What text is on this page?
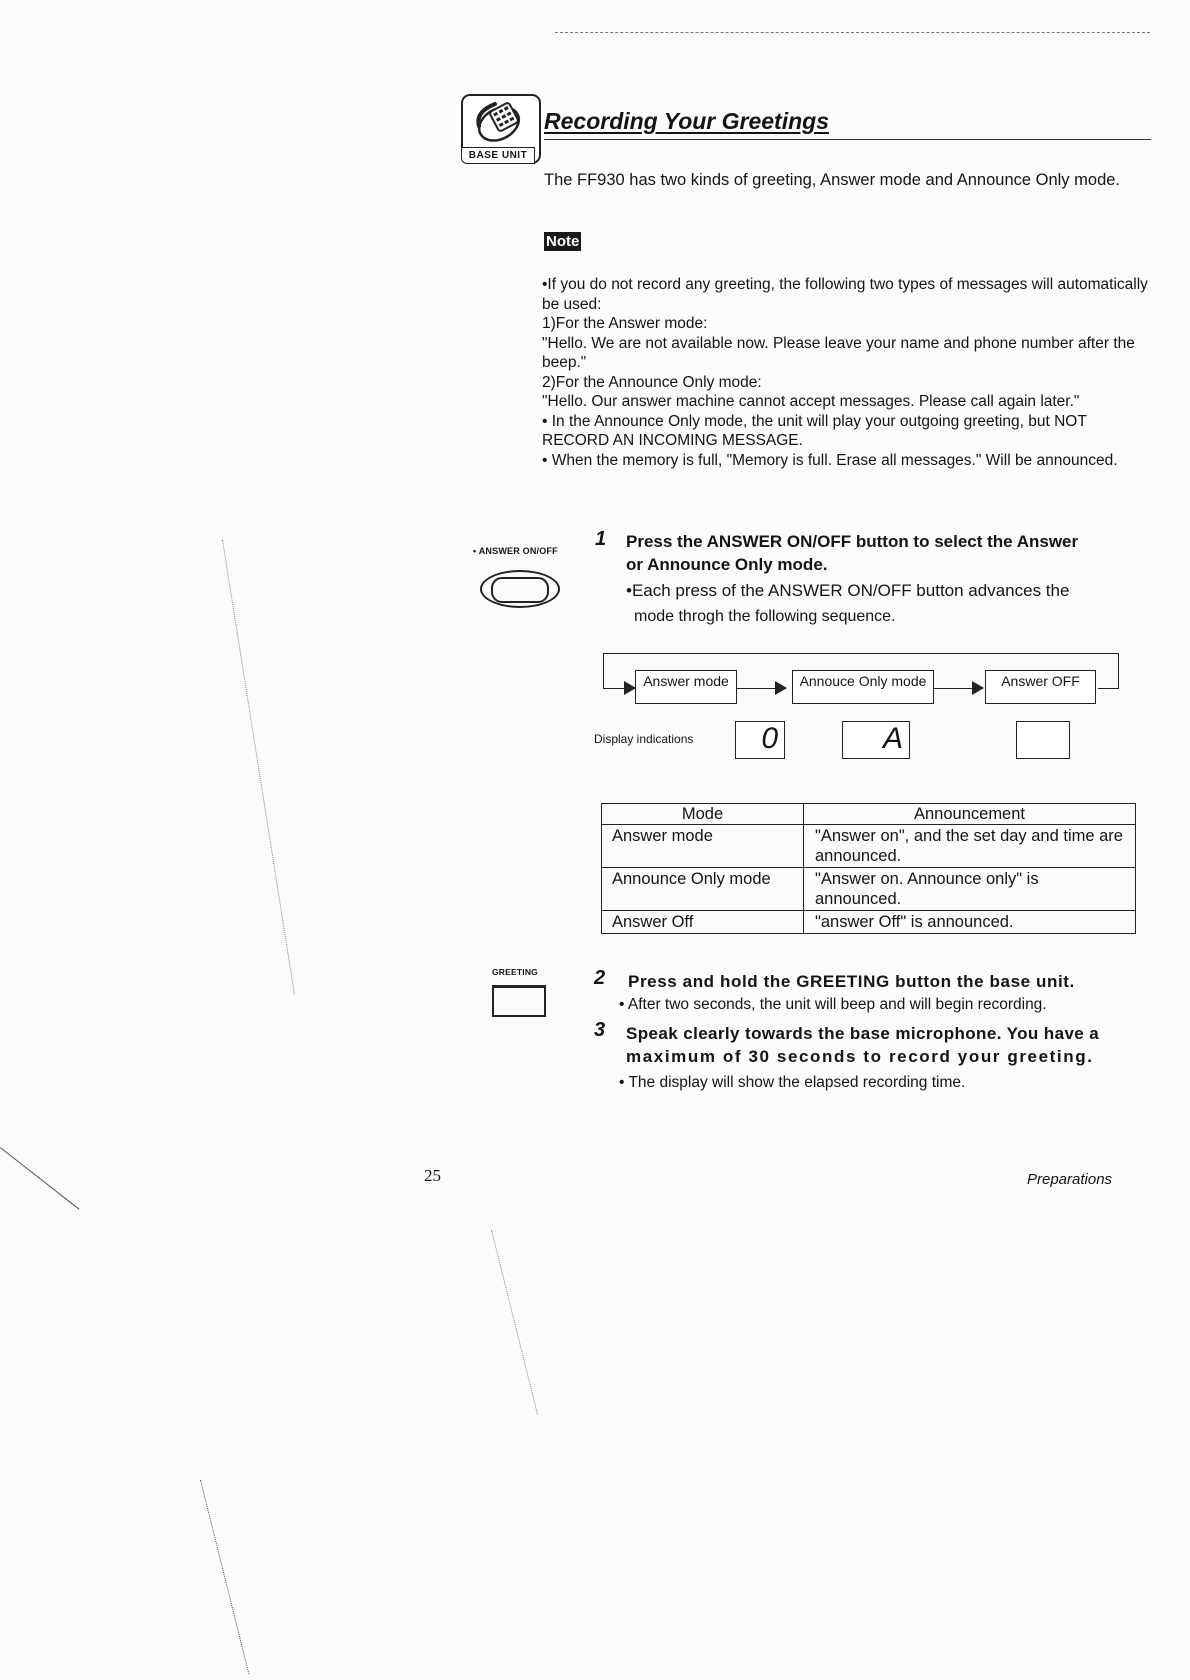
BASE UNIT
Recording Your Greetings
The FF930 has two kinds of greeting, Answer mode and Announce Only mode.
Note
•If you do not record any greeting, the following two types of messages will automatically be used:
1)For the Answer mode:
"Hello. We are not available now. Please leave your name and phone number after the beep."
2)For the Announce Only mode:
"Hello. Our answer machine cannot accept messages. Please call again later."
• In the Announce Only mode, the unit will play your outgoing greeting, but NOT RECORD AN INCOMING MESSAGE.
• When the memory is full, "Memory is full. Erase all messages." Will be announced.
• ANSWER ON/OFF
1 Press the ANSWER ON/OFF button to select the Answer
or Announce Only mode.
•Each press of the ANSWER ON/OFF button advances the
mode throgh the following sequence.
Answer mode	Annouce Only mode	Answer OFF
Display indications 0	A
Mode	Announcement
Answer mode	"Answer on", and the set day and time are announced.
Announce Only mode	"Answer on. Announce only" is announced.
Answer Off	"answer Off" is announced.
GREETING	2 Press and hold the GREETING button the base unit.
• After two seconds, the unit will beep and will begin recording.
3 Speak clearly towards the base microphone. You have a
maximum of 30 seconds to record your greeting.
• The display will show the elapsed recording time.
25	Preparations
